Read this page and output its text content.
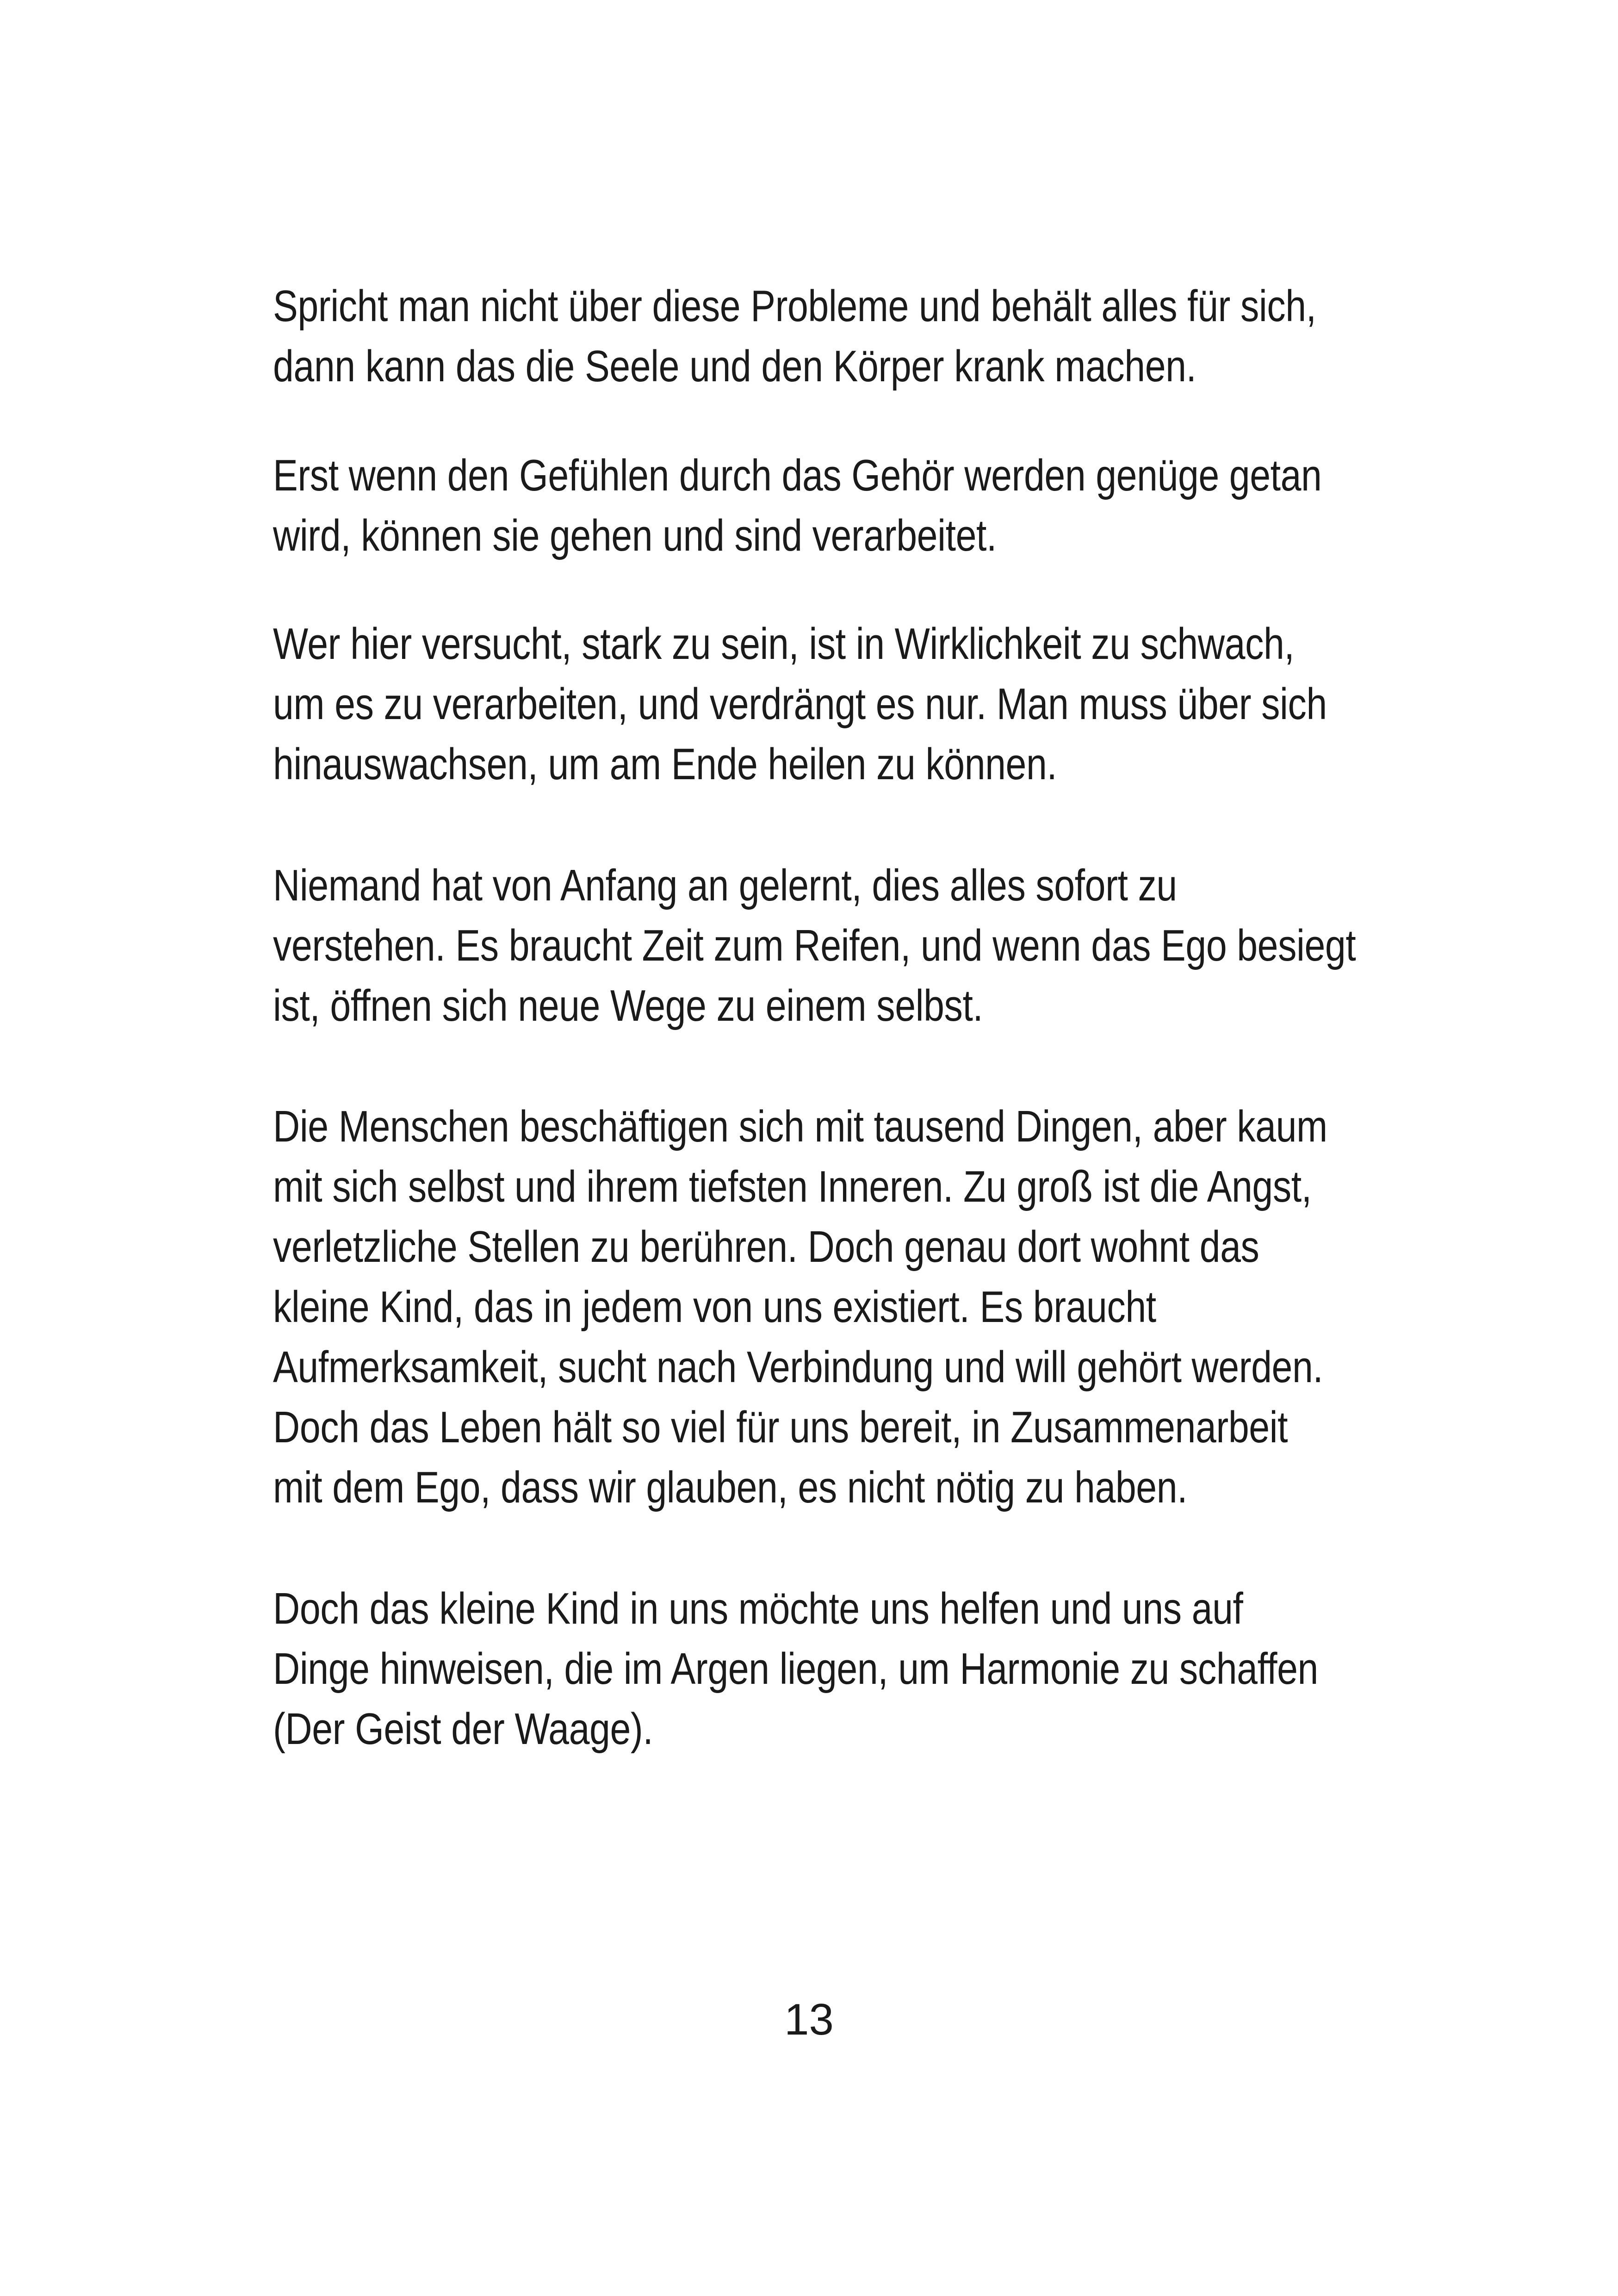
Spricht man nicht über diese Probleme und behält alles für sich,
dann kann das die Seele und den Körper krank machen.
Erst wenn den Gefühlen durch das Gehör werden genüge getan
wird, können sie gehen und sind verarbeitet.
Wer hier versucht, stark zu sein, ist in Wirklichkeit zu schwach,
um es zu verarbeiten, und verdrängt es nur. Man muss über sich
hinauswachsen, um am Ende heilen zu können.
Niemand hat von Anfang an gelernt, dies alles sofort zu
verstehen. Es braucht Zeit zum Reifen, und wenn das Ego besiegt
ist, öffnen sich neue Wege zu einem selbst.
Die Menschen beschäftigen sich mit tausend Dingen, aber kaum
mit sich selbst und ihrem tiefsten Inneren. Zu groß ist die Angst,
verletzliche Stellen zu berühren. Doch genau dort wohnt das
kleine Kind, das in jedem von uns existiert. Es braucht
Aufmerksamkeit, sucht nach Verbindung und will gehört werden.
Doch das Leben hält so viel für uns bereit, in Zusammenarbeit
mit dem Ego, dass wir glauben, es nicht nötig zu haben.
Doch das kleine Kind in uns möchte uns helfen und uns auf
Dinge hinweisen, die im Argen liegen, um Harmonie zu schaffen
(Der Geist der Waage).
13
